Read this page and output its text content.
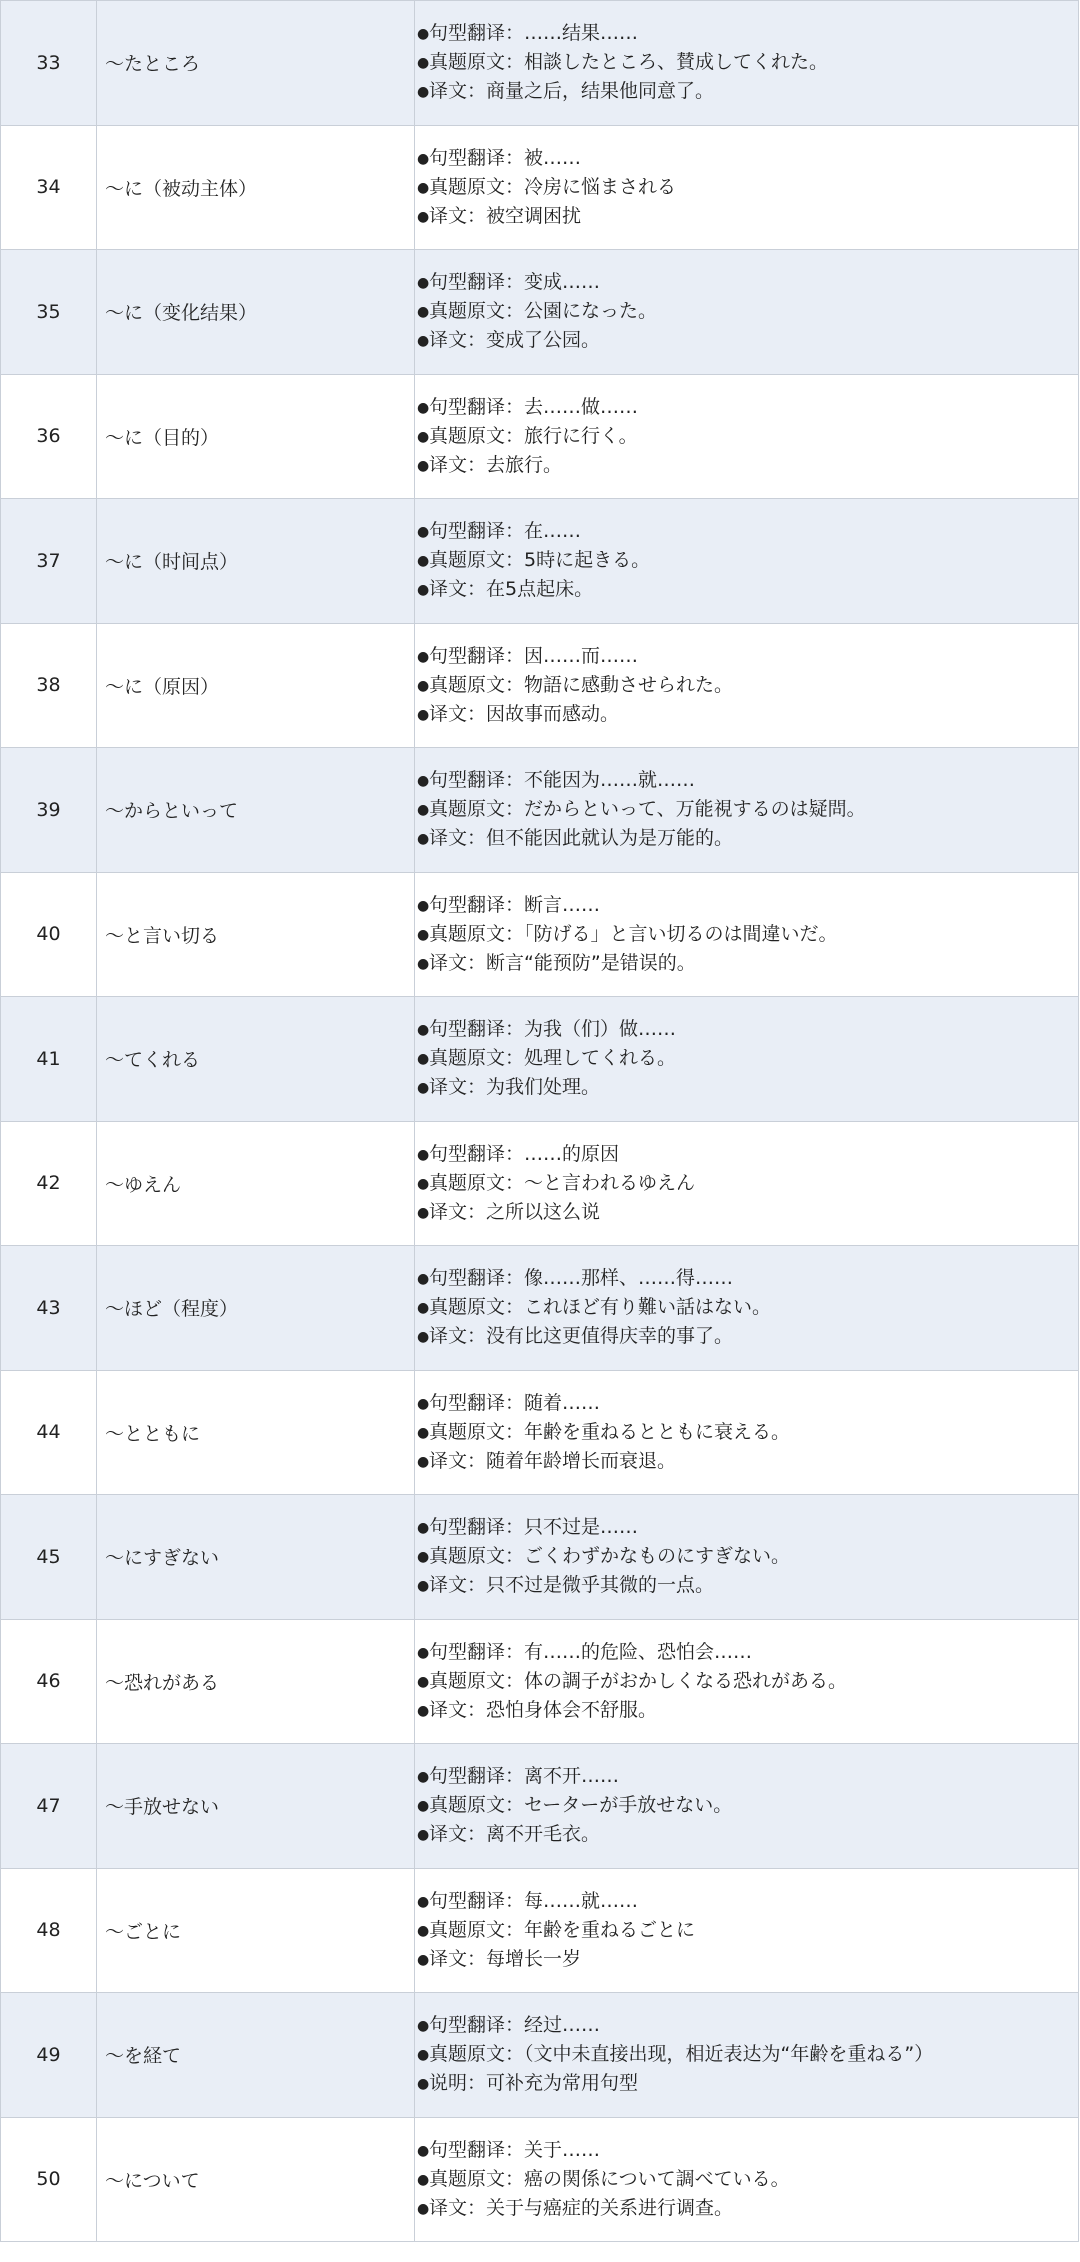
33	～たところ	●句型翻译：……结果……
●真题原文：相談したところ、賛成してくれた。
●译文：商量之后，结果他同意了。

34	～に（被动主体）	●句型翻译：被……
●真题原文：冷房に悩まされる
●译文：被空调困扰

35	～に（变化结果）	●句型翻译：变成……
●真题原文：公園になった。
●译文：变成了公园。

36	～に（目的）	●句型翻译：去……做……
●真题原文：旅行に行く。
●译文：去旅行。

37	～に（时间点）	●句型翻译：在……
●真题原文：5時に起きる。
●译文：在5点起床。

38	～に（原因）	●句型翻译：因……而……
●真题原文：物語に感動させられた。
●译文：因故事而感动。

39	～からといって	●句型翻译：不能因为……就……
●真题原文：だからといって、万能視するのは疑問。
●译文：但不能因此就认为是万能的。

40	～と言い切る	●句型翻译：断言……
●真题原文：「防げる」と言い切るのは間違いだ。
●译文：断言“能预防”是错误的。

41	～てくれる	●句型翻译：为我（们）做……
●真题原文：処理してくれる。
●译文：为我们处理。

42	～ゆえん	●句型翻译：……的原因
●真题原文：～と言われるゆえん
●译文：之所以这么说

43	～ほど（程度）	●句型翻译：像……那样、……得……
●真题原文：これほど有り難い話はない。
●译文：没有比这更值得庆幸的事了。

44	～とともに	●句型翻译：随着……
●真题原文：年齢を重ねるとともに衰える。
●译文：随着年龄增长而衰退。

45	～にすぎない	●句型翻译：只不过是……
●真题原文：ごくわずかなものにすぎない。
●译文：只不过是微乎其微的一点。

46	～恐れがある	●句型翻译：有……的危险、恐怕会……
●真题原文：体の調子がおかしくなる恐れがある。
●译文：恐怕身体会不舒服。

47	～手放せない	●句型翻译：离不开……
●真题原文：セーターが手放せない。
●译文：离不开毛衣。

48	～ごとに	●句型翻译：每……就……
●真题原文：年齢を重ねるごとに
●译文：每增长一岁

49	～を経て	●句型翻译：经过……
●真题原文：（文中未直接出现，相近表达为“年齢を重ねる”）
●说明：可补充为常用句型

50	～について	●句型翻译：关于……
●真题原文：癌の関係について調べている。
●译文：关于与癌症的关系进行调查。
